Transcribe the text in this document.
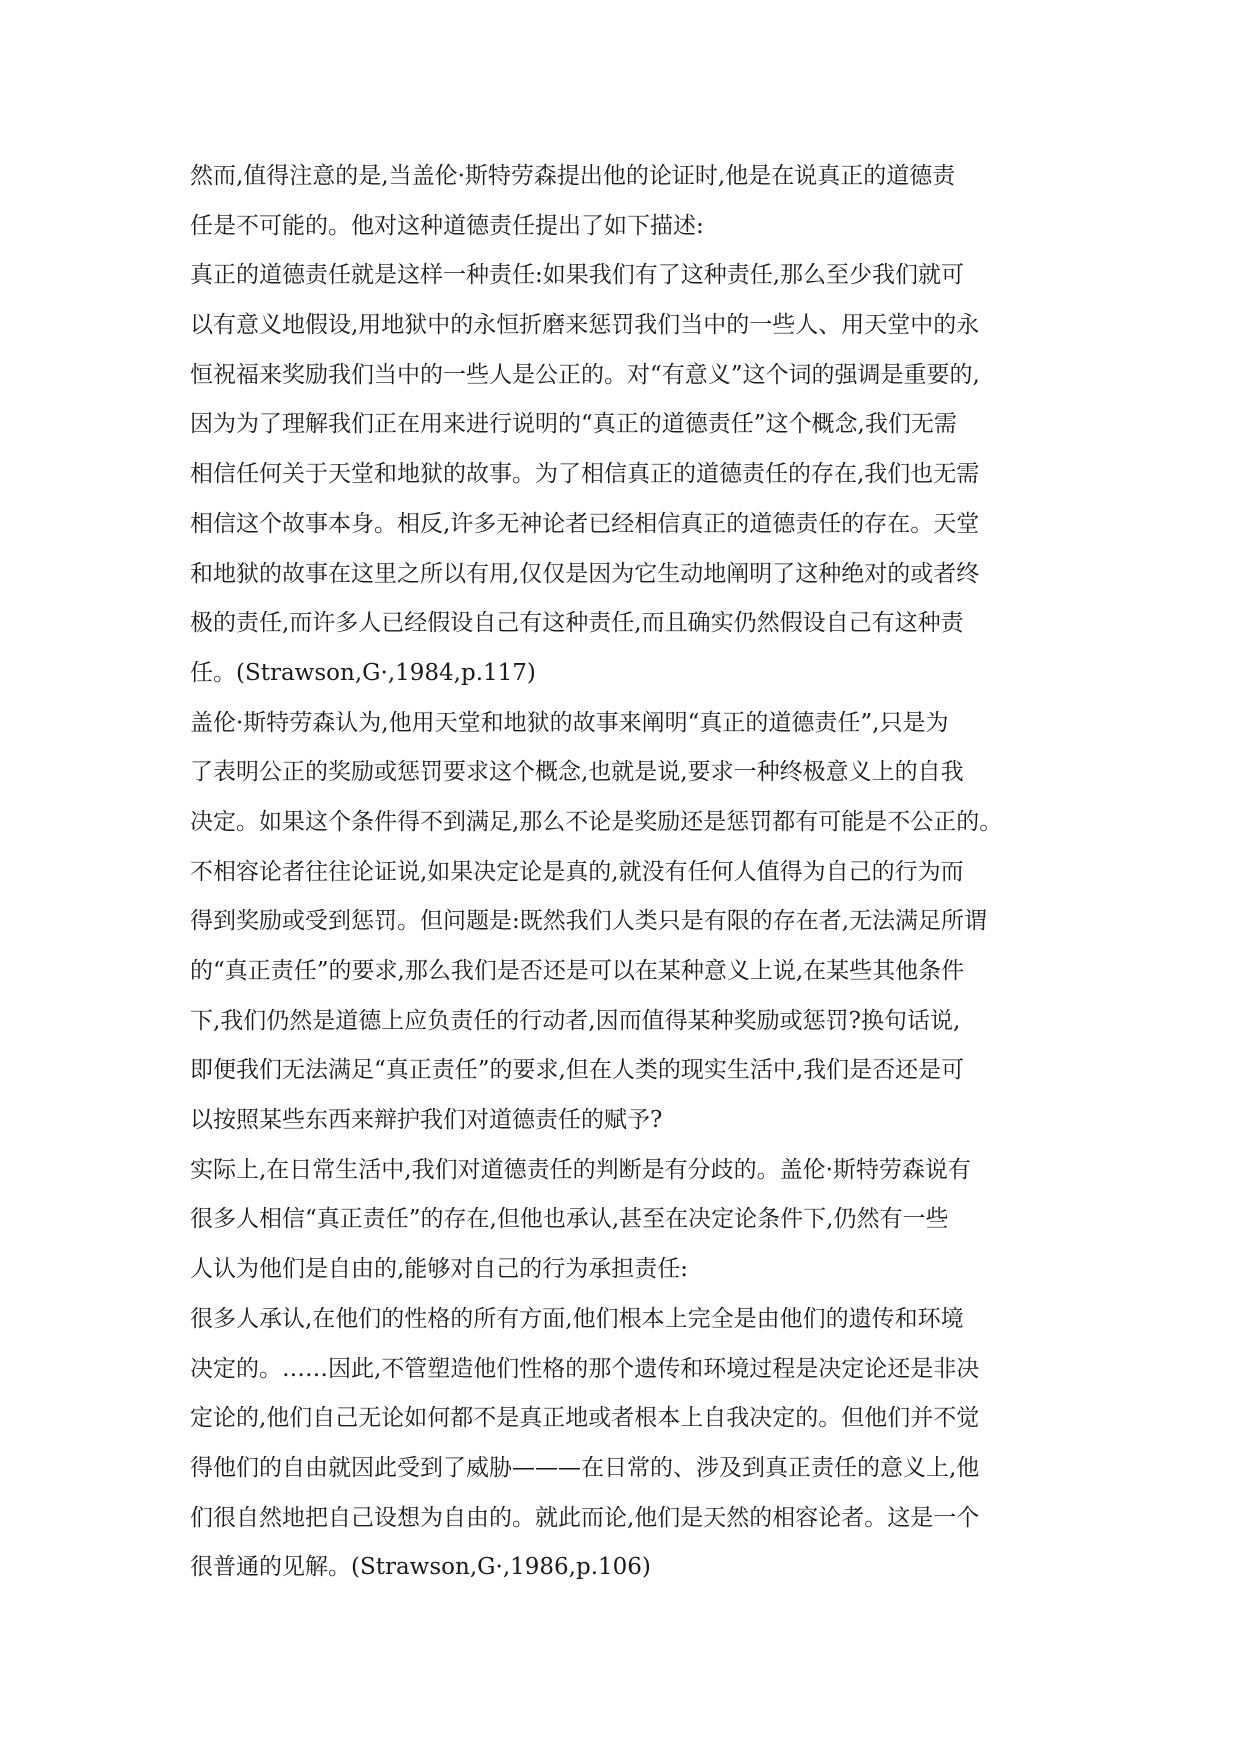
然而,值得注意的是,当盖伦·斯特劳森提出他的论证时,他是在说真正的道德责
任是不可能的。他对这种道德责任提出了如下描述:
真正的道德责任就是这样一种责任:如果我们有了这种责任,那么至少我们就可
以有意义地假设,用地狱中的永恒折磨来惩罚我们当中的一些人、用天堂中的永
恒祝福来奖励我们当中的一些人是公正的。对“有意义”这个词的强调是重要的,
因为为了理解我们正在用来进行说明的“真正的道德责任”这个概念,我们无需
相信任何关于天堂和地狱的故事。为了相信真正的道德责任的存在,我们也无需
相信这个故事本身。相反,许多无神论者已经相信真正的道德责任的存在。天堂
和地狱的故事在这里之所以有用,仅仅是因为它生动地阐明了这种绝对的或者终
极的责任,而许多人已经假设自己有这种责任,而且确实仍然假设自己有这种责
任。(Strawson,G·,1984,p.117)
盖伦·斯特劳森认为,他用天堂和地狱的故事来阐明“真正的道德责任”,只是为
了表明公正的奖励或惩罚要求这个概念,也就是说,要求一种终极意义上的自我
决定。如果这个条件得不到满足,那么不论是奖励还是惩罚都有可能是不公正的。
不相容论者往往论证说,如果决定论是真的,就没有任何人值得为自己的行为而
得到奖励或受到惩罚。但问题是:既然我们人类只是有限的存在者,无法满足所谓
的“真正责任”的要求,那么我们是否还是可以在某种意义上说,在某些其他条件
下,我们仍然是道德上应负责任的行动者,因而值得某种奖励或惩罚?换句话说,
即便我们无法满足“真正责任”的要求,但在人类的现实生活中,我们是否还是可
以按照某些东西来辩护我们对道德责任的赋予?
实际上,在日常生活中,我们对道德责任的判断是有分歧的。盖伦·斯特劳森说有
很多人相信“真正责任”的存在,但他也承认,甚至在决定论条件下,仍然有一些
人认为他们是自由的,能够对自己的行为承担责任:
很多人承认,在他们的性格的所有方面,他们根本上完全是由他们的遗传和环境
决定的。……因此,不管塑造他们性格的那个遗传和环境过程是决定论还是非决
定论的,他们自己无论如何都不是真正地或者根本上自我决定的。但他们并不觉
得他们的自由就因此受到了威胁———在日常的、涉及到真正责任的意义上,他
们很自然地把自己设想为自由的。就此而论,他们是天然的相容论者。这是一个
很普通的见解。(Strawson,G·,1986,p.106)
